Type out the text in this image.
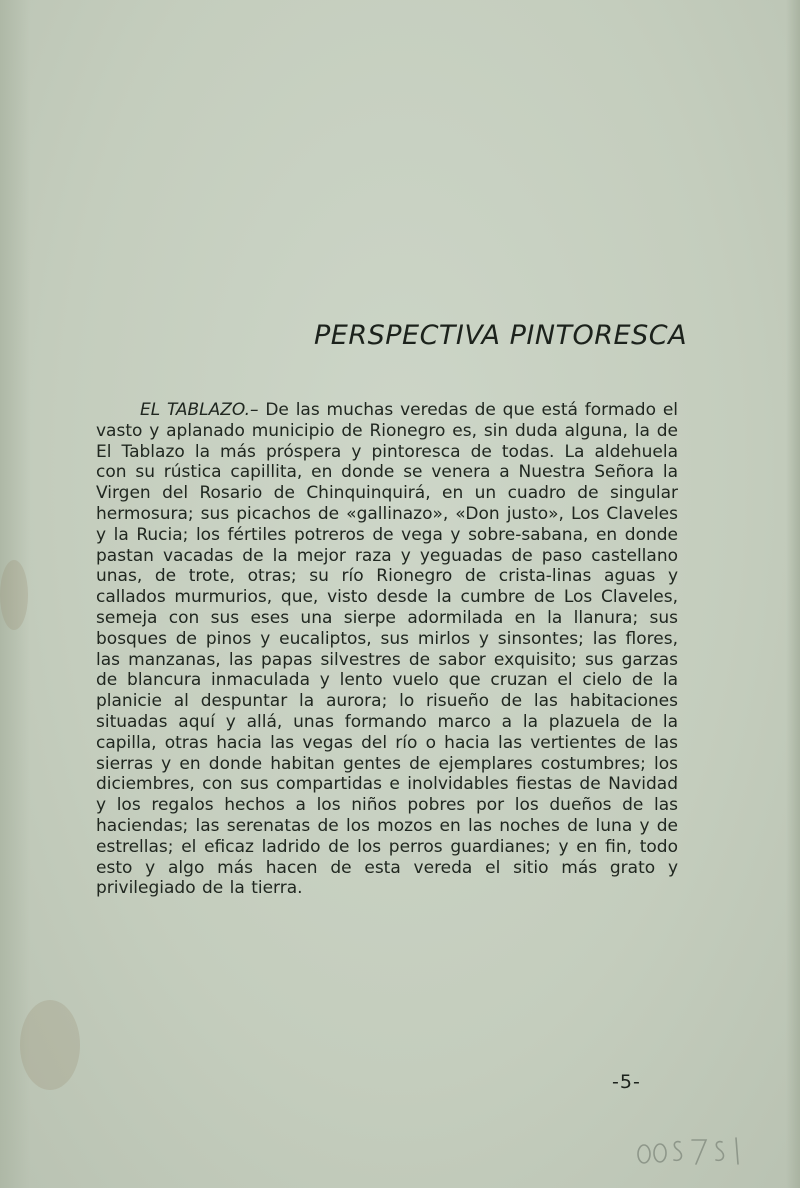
PERSPECTIVA PINTORESCA

EL TABLAZO.– De las muchas veredas de que está formado el vasto y aplanado municipio de Rionegro es, sin duda alguna, la de El Tablazo la más próspera y pintoresca de todas. La aldehuela con su rústica capillita, en donde se venera a Nuestra Señora la Virgen del Rosario de Chinquinquirá, en un cuadro de singular hermosura; sus picachos de «gallinazo», «Don justo», Los Claveles y la Rucia; los fértiles potreros de vega y sobre-sabana, en donde pastan vacadas de la mejor raza y yeguadas de paso castellano unas, de trote, otras; su río Rionegro de crista-linas aguas y callados murmurios, que, visto desde la cumbre de Los Claveles, semeja con sus eses una sierpe adormilada en la llanura; sus bosques de pinos y eucaliptos, sus mirlos y sinsontes; las flores, las manzanas, las papas silvestres de sabor exquisito; sus garzas de blancura inmaculada y lento vuelo que cruzan el cielo de la planicie al despuntar la aurora; lo risueño de las habitaciones situadas aquí y allá, unas formando marco a la plazuela de la capilla, otras hacia las vegas del río o hacia las vertientes de las sierras y en donde habitan gentes de ejemplares costumbres; los diciembres, con sus compartidas e inolvidables fiestas de Navidad y los regalos hechos a los niños pobres por los dueños de las haciendas; las serenatas de los mozos en las noches de luna y de estrellas; el eficaz ladrido de los perros guardianes; y en fin, todo esto y algo más hacen de esta vereda el sitio más grato y privilegiado de la tierra.

-5-
